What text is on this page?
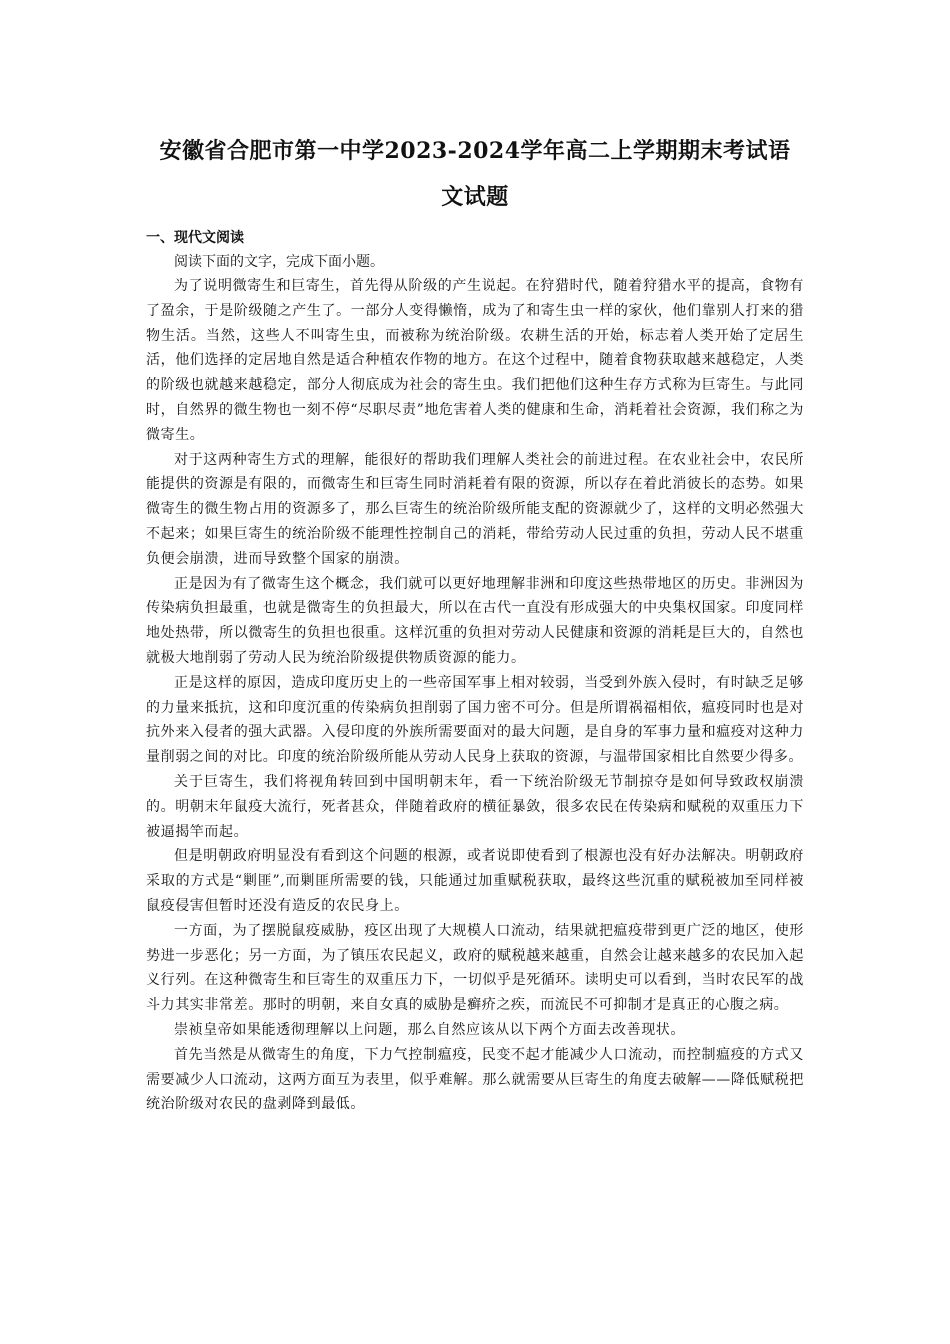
安徽省合肥市第一中学2023-2024学年高二上学期期末考试语
文试题
一、现代文阅读

阅读下面的文字，完成下面小题。

为了说明微寄生和巨寄生，首先得从阶级的产生说起。在狩猎时代，随着狩猎水平的提高，食物有了盈余，于是阶级随之产生了。一部分人变得懒惰，成为了和寄生虫一样的家伙，他们靠别人打来的猎物生活。当然，这些人不叫寄生虫，而被称为统治阶级。农耕生活的开始，标志着人类开始了定居生活，他们选择的定居地自然是适合种植农作物的地方。在这个过程中，随着食物获取越来越稳定，人类的阶级也就越来越稳定，部分人彻底成为社会的寄生虫。我们把他们这种生存方式称为巨寄生。与此同时，自然界的微生物也一刻不停“尽职尽责”地危害着人类的健康和生命，消耗着社会资源，我们称之为微寄生。

对于这两种寄生方式的理解，能很好的帮助我们理解人类社会的前进过程。在农业社会中，农民所能提供的资源是有限的，而微寄生和巨寄生同时消耗着有限的资源，所以存在着此消彼长的态势。如果微寄生的微生物占用的资源多了，那么巨寄生的统治阶级所能支配的资源就少了，这样的文明必然强大不起来；如果巨寄生的统治阶级不能理性控制自己的消耗，带给劳动人民过重的负担，劳动人民不堪重负便会崩溃，进而导致整个国家的崩溃。

正是因为有了微寄生这个概念，我们就可以更好地理解非洲和印度这些热带地区的历史。非洲因为传染病负担最重，也就是微寄生的负担最大，所以在古代一直没有形成强大的中央集权国家。印度同样地处热带，所以微寄生的负担也很重。这样沉重的负担对劳动人民健康和资源的消耗是巨大的，自然也就极大地削弱了劳动人民为统治阶级提供物质资源的能力。

正是这样的原因，造成印度历史上的一些帝国军事上相对较弱，当受到外族入侵时，有时缺乏足够的力量来抵抗，这和印度沉重的传染病负担削弱了国力密不可分。但是所谓祸福相依，瘟疫同时也是对抗外来入侵者的强大武器。入侵印度的外族所需要面对的最大问题，是自身的军事力量和瘟疫对这种力量削弱之间的对比。印度的统治阶级所能从劳动人民身上获取的资源，与温带国家相比自然要少得多。

关于巨寄生，我们将视角转回到中国明朝末年，看一下统治阶级无节制掠夺是如何导致政权崩溃的。明朝末年鼠疫大流行，死者甚众，伴随着政府的横征暴敛，很多农民在传染病和赋税的双重压力下被逼揭竿而起。

但是明朝政府明显没有看到这个问题的根源，或者说即使看到了根源也没有好办法解决。明朝政府采取的方式是“剿匪”,而剿匪所需要的钱，只能通过加重赋税获取，最终这些沉重的赋税被加至同样被鼠疫侵害但暂时还没有造反的农民身上。

一方面，为了摆脱鼠疫威胁，疫区出现了大规模人口流动，结果就把瘟疫带到更广泛的地区，使形势进一步恶化；另一方面，为了镇压农民起义，政府的赋税越来越重，自然会让越来越多的农民加入起义行列。在这种微寄生和巨寄生的双重压力下，一切似乎是死循环。读明史可以看到，当时农民军的战斗力其实非常差。那时的明朝，来自女真的威胁是癣疥之疾，而流民不可抑制才是真正的心腹之病。

崇祯皇帝如果能透彻理解以上问题，那么自然应该从以下两个方面去改善现状。

首先当然是从微寄生的角度，下力气控制瘟疫，民变不起才能减少人口流动，而控制瘟疫的方式又需要减少人口流动，这两方面互为表里，似乎难解。那么就需要从巨寄生的角度去破解——降低赋税把统治阶级对农民的盘剥降到最低。
